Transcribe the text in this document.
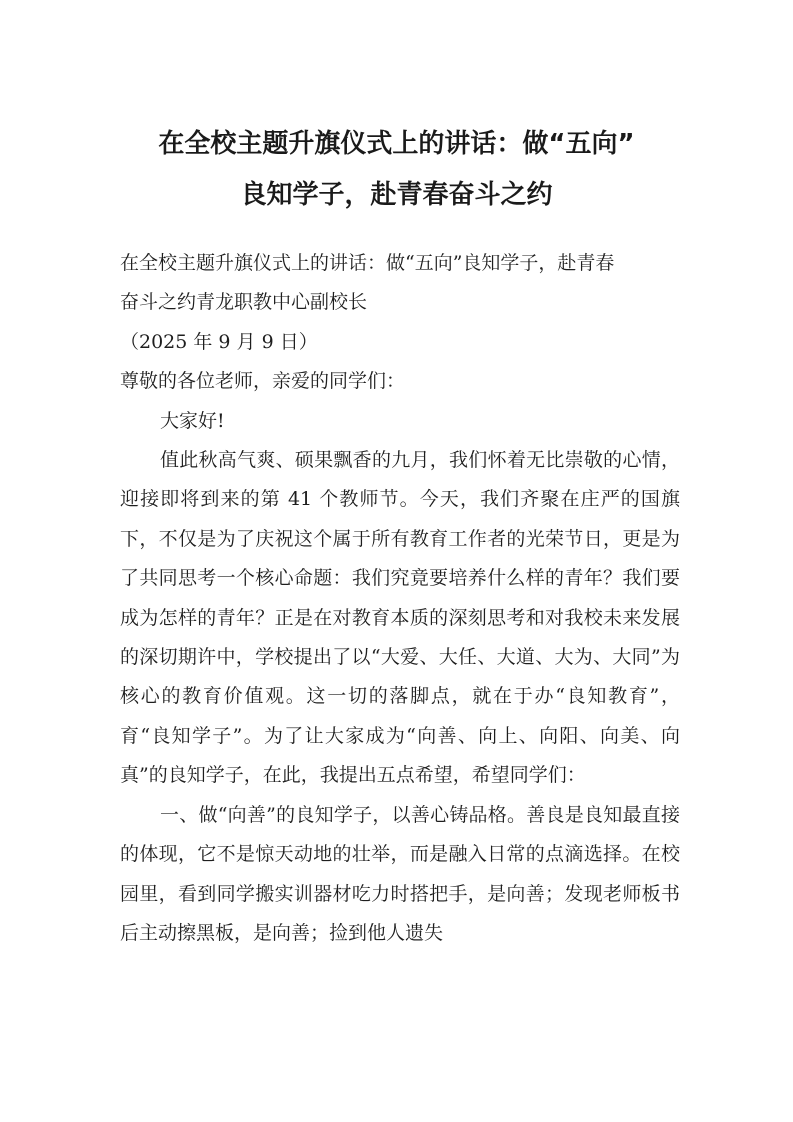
在全校主题升旗仪式上的讲话：做“五向”
良知学子，赴青春奋斗之约

在全校主题升旗仪式上的讲话：做“五向”良知学子，赴青春

奋斗之约青龙职教中心副校长

（2025 年 9 月 9 日）

尊敬的各位老师，亲爱的同学们：

大家好!

值此秋高气爽、硕果飘香的九月，我们怀着无比崇敬的心情，迎接即将到来的第 41 个教师节。今天，我们齐聚在庄严的国旗下，不仅是为了庆祝这个属于所有教育工作者的光荣节日，更是为了共同思考一个核心命题：我们究竟要培养什么样的青年？我们要成为怎样的青年？正是在对教育本质的深刻思考和对我校未来发展的深切期许中，学校提出了以“大爱、大任、大道、大为、大同”为核心的教育价值观。这一切的落脚点，就在于办“良知教育”，育“良知学子”。为了让大家成为“向善、向上、向阳、向美、向真”的良知学子，在此，我提出五点希望，希望同学们：

一、做“向善”的良知学子，以善心铸品格。善良是良知最直接的体现，它不是惊天动地的壮举，而是融入日常的点滴选择。在校园里，看到同学搬实训器材吃力时搭把手，是向善；发现老师板书后主动擦黑板，是向善；捡到他人遗失
